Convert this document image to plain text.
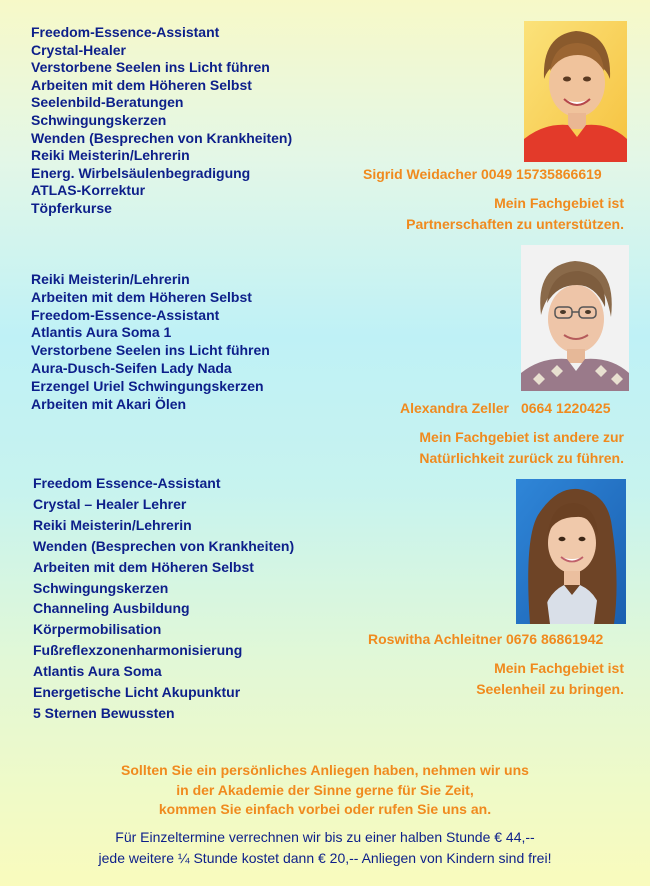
Freedom-Essence-Assistant
Crystal-Healer
Verstorbene Seelen ins Licht führen
Arbeiten mit dem Höheren Selbst
Seelenbild-Beratungen
Schwingungskerzen
Wenden (Besprechen von Krankheiten)
Reiki Meisterin/Lehrerin
Energ. Wirbelsäulenbegradigung
ATLAS-Korrektur
Töpferkurse
Sigrid Weidacher 0049 15735866619
Mein Fachgebiet ist
Partnerschaften zu unterstützen.
Reiki Meisterin/Lehrerin
Arbeiten mit dem Höheren Selbst
Freedom-Essence-Assistant
Atlantis Aura Soma 1
Verstorbene Seelen ins Licht führen
Aura-Dusch-Seifen Lady Nada
Erzengel Uriel Schwingungskerzen
Arbeiten mit Akari Ölen	Alexandra Zeller 0664 1220425
Mein Fachgebiet ist andere zur
Natürlichkeit zurück zu führen.
Freedom Essence-Assistant
Crystal – Healer Lehrer
Reiki Meisterin/Lehrerin
Wenden (Besprechen von Krankheiten)
Arbeiten mit dem Höheren Selbst
Schwingungskerzen
Channeling Ausbildung
Körpermobilisation
Fußreflexzonenharmonisierung
Atlantis Aura Soma
Energetische Licht Akupunktur
5 Sternen Bewussten
Roswitha Achleitner 0676 86861942
Mein Fachgebiet ist
Seelenheil zu bringen.
Sollten Sie ein persönliches Anliegen haben, nehmen wir uns
in der Akademie der Sinne gerne für Sie Zeit,
kommen Sie einfach vorbei oder rufen Sie uns an.
Für Einzeltermine verrechnen wir bis zu einer halben Stunde € 44,--
jede weitere ¼ Stunde kostet dann € 20,-- Anliegen von Kindern sind frei!
